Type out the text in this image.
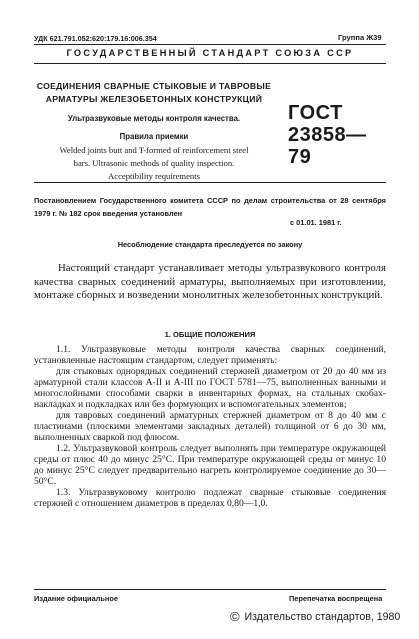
УДК 621.791.052:620:179.16:006.354	Группа Ж39
ГОСУДАРСТВЕННЫЙ СТАНДАРТ СОЮЗА ССР
СОЕДИНЕНИЯ СВАРНЫЕ СТЫКОВЫЕ И ТАВРОВЫЕ
АРМАТУРЫ ЖЕЛЕЗОБЕТОННЫХ КОНСТРУКЦИЙ
Ультразвуковые методы контроля качества.
Правила приемки
Welded joints butt and T-formed of reinforcement steel
bars. Ultrasonic methods of quality inspection.
Acceptibility requirements
ГОСТ
23858—79
Постановлением Государственного комитета СССР по делам строительства от 28 сентября 1979 г. № 182 срок введения установлен
с 01.01. 1981 г.
Несоблюдение стандарта преследуется по закону
Настоящий стандарт устанавливает методы ультразвукового контроля качества сварных соединений арматуры, выполняемых при изготовлении, монтаже сборных и возведении монолитных железобетонных конструкций.
1. ОБЩИЕ ПОЛОЖЕНИЯ

1.1. Ультразвуковые методы контроля качества сварных соединений, установленные настоящим стандартом, следует применять:

для стыковых однорядных соединений стержней диаметром от 20 до 40 мм из арматурной стали классов А-II и А-III по ГОСТ 5781—75, выполненных ванными и многослойными способами сварки в инвентарных формах, на стальных скобах-накладках и подкладках или без формующих и вспомогательных элементов;

для тавровых соединений арматурных стержней диаметром от 8 до 40 мм с пластинами (плоскими элементами закладных деталей) толщиной от 6 до 30 мм, выполненных сваркой под флюсом.

1.2. Ультразвуковой контроль следует выполнять при температуре окружающей среды от плюс 40 до минус 25°С. При температуре окружающей среды от минус 10 до минус 25°С следует предварительно нагреть контролируемое соединение до 30—50°С.

1.3. Ультразвуковому контролю подлежат сварные стыковые соединения стержней с отношением диаметров в пределах 0,80—1,0.

Издание официальное	Перепечатка воспрещена
© Издательство стандартов, 1980
